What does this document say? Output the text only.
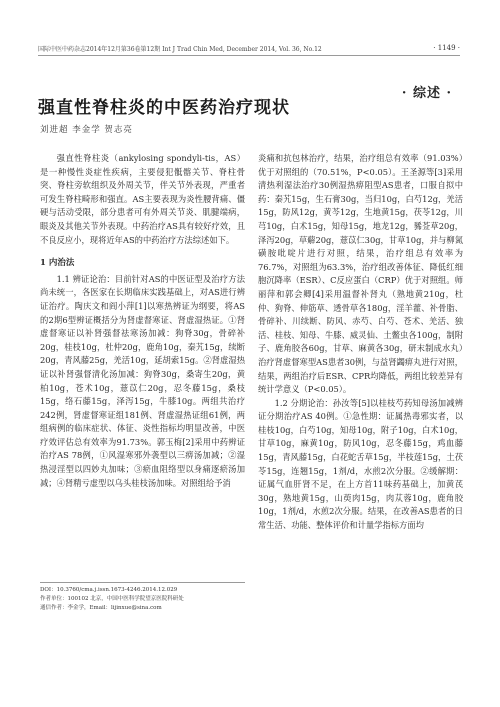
国际中医中药杂志2014年12月第36卷第12期 Int J Trad Chin Med, December 2014, Vol. 36, No.12	· 1149 ·
· 综述 ·
强直性脊柱炎的中医药治疗现状
刘进超 李金学 贺志亮

强直性脊柱炎（ankylosing spondyli-tis，AS）是一种慢性炎症性疾病，主要侵犯骶髂关节、脊柱骨突、脊柱旁软组织及外周关节，伴关节外表现，严重者可发生脊柱畸形和强直。AS主要表现为炎性腰背痛、僵硬与活动受限，部分患者可有外周关节炎、肌腱端病，眼炎及其他关节外表现。中药治疗AS具有较好疗效，且不良反应小，现将近年AS的中药治疗方法综述如下。

1 内治法

1.1 辨证论治：目前针对AS的中医证型及治疗方法尚未统一，各医家在长期临床实践基础上，对AS进行辨证治疗。陶庆文和阎小萍[1]以寒热辨证为纲要，将AS的2期6型辨证概括分为肾虚督寒证、肾虚湿热证。①肾虚督寒证以补肾强督祛寒汤加减：狗脊30g，骨碎补20g，桂枝10g，杜仲20g，鹿角10g，秦艽15g，续断20g，青风藤25g，羌活10g，延胡索15g。②肾虚湿热证以补肾强督清化汤加减：狗脊30g，桑寄生20g，黄柏10g，苍术10g，薏苡仁20g，忍冬藤15g，桑枝15g，络石藤15g，泽泻15g，牛膝10g。两组共治疗242例，肾虚督寒证组181例、肾虚湿热证组61例，两组病例的临床症状、体征、炎性指标均明显改善，中医疗效评估总有效率为91.73%。郭玉梅[2]采用中药辨证治疗AS 78例，①风湿寒邪外袭型以三痹汤加减；②湿热浸淫型以四妙丸加味；③瘀血阻络型以身痛逐瘀汤加减；④肾精亏虚型以乌头桂枝汤加味。对照组给予消

炎痛和抗包林治疗，结果，治疗组总有效率（91.03%）优于对照组的（70.51%，P<0.05）。王圣源等[3]采用清热利湿法治疗30例湿热痹阻型AS患者，口服自拟中药：秦艽15g，生石膏30g，当归10g，白芍12g，羌活15g，防风12g，黄芩12g，生地黄15g，茯苓12g，川芎10g，白术15g，知母15g，地龙12g，豨莶草20g，泽泻20g，草薢20g，薏苡仁30g，甘草10g，并与柳氮磺胺吡啶片进行对照，结果，治疗组总有效率为76.7%，对照组为63.3%，治疗组改善体征、降低红细胞沉降率（ESR）、C反应蛋白（CRP）优于对照组。师丽萍和郭会卿[4]采用温督补肾丸（熟地黄210g，杜仲、狗脊、伸筋草、透骨草各180g，淫羊藿、补骨脂、骨碎补、川续断、防风、赤芍、白芍、苍术、羌活、独活、桂枝、知母、牛膝、威灵仙、土鳖虫各100g，制附子、鹿角胶各60g，甘草、麻黄各30g，研末制成水丸）治疗肾虚督寒型AS患者30例，与益肾蠲痹丸进行对照，结果，两组治疗后ESR、CPR均降低，两组比较差异有统计学意义（P<0.05）。

1.2 分期论治：孙汝等[5]以桂枝芍药知母汤加减辨证分期治疗AS 40例。①急性期：证属热毒邪实者，以桂枝10g，白芍10g，知母10g，附子10g，白术10g，甘草10g，麻黄10g，防风10g，忍冬藤15g，鸡血藤15g，青风藤15g，白花蛇舌草15g，半枝莲15g，土茯苓15g，连翘15g，1剂/d，水煎2次分服。②缓解期：证属气血肝肾不足，在上方首11味药基础上，加黄芪30g，熟地黄15g，山萸肉15g，肉苁蓉10g，鹿角胶10g，1剂/d，水煎2次分服。结果，在改善AS患者的日常生活、功能、整体评价和计量学指标方面均

DOI：10.3760/cma.j.issn.1673-4246.2014.12.029
作者单位：100102 北京，中国中医科学院望京医院科研处
通信作者：李金学，Email：lijinxue@sina.com
